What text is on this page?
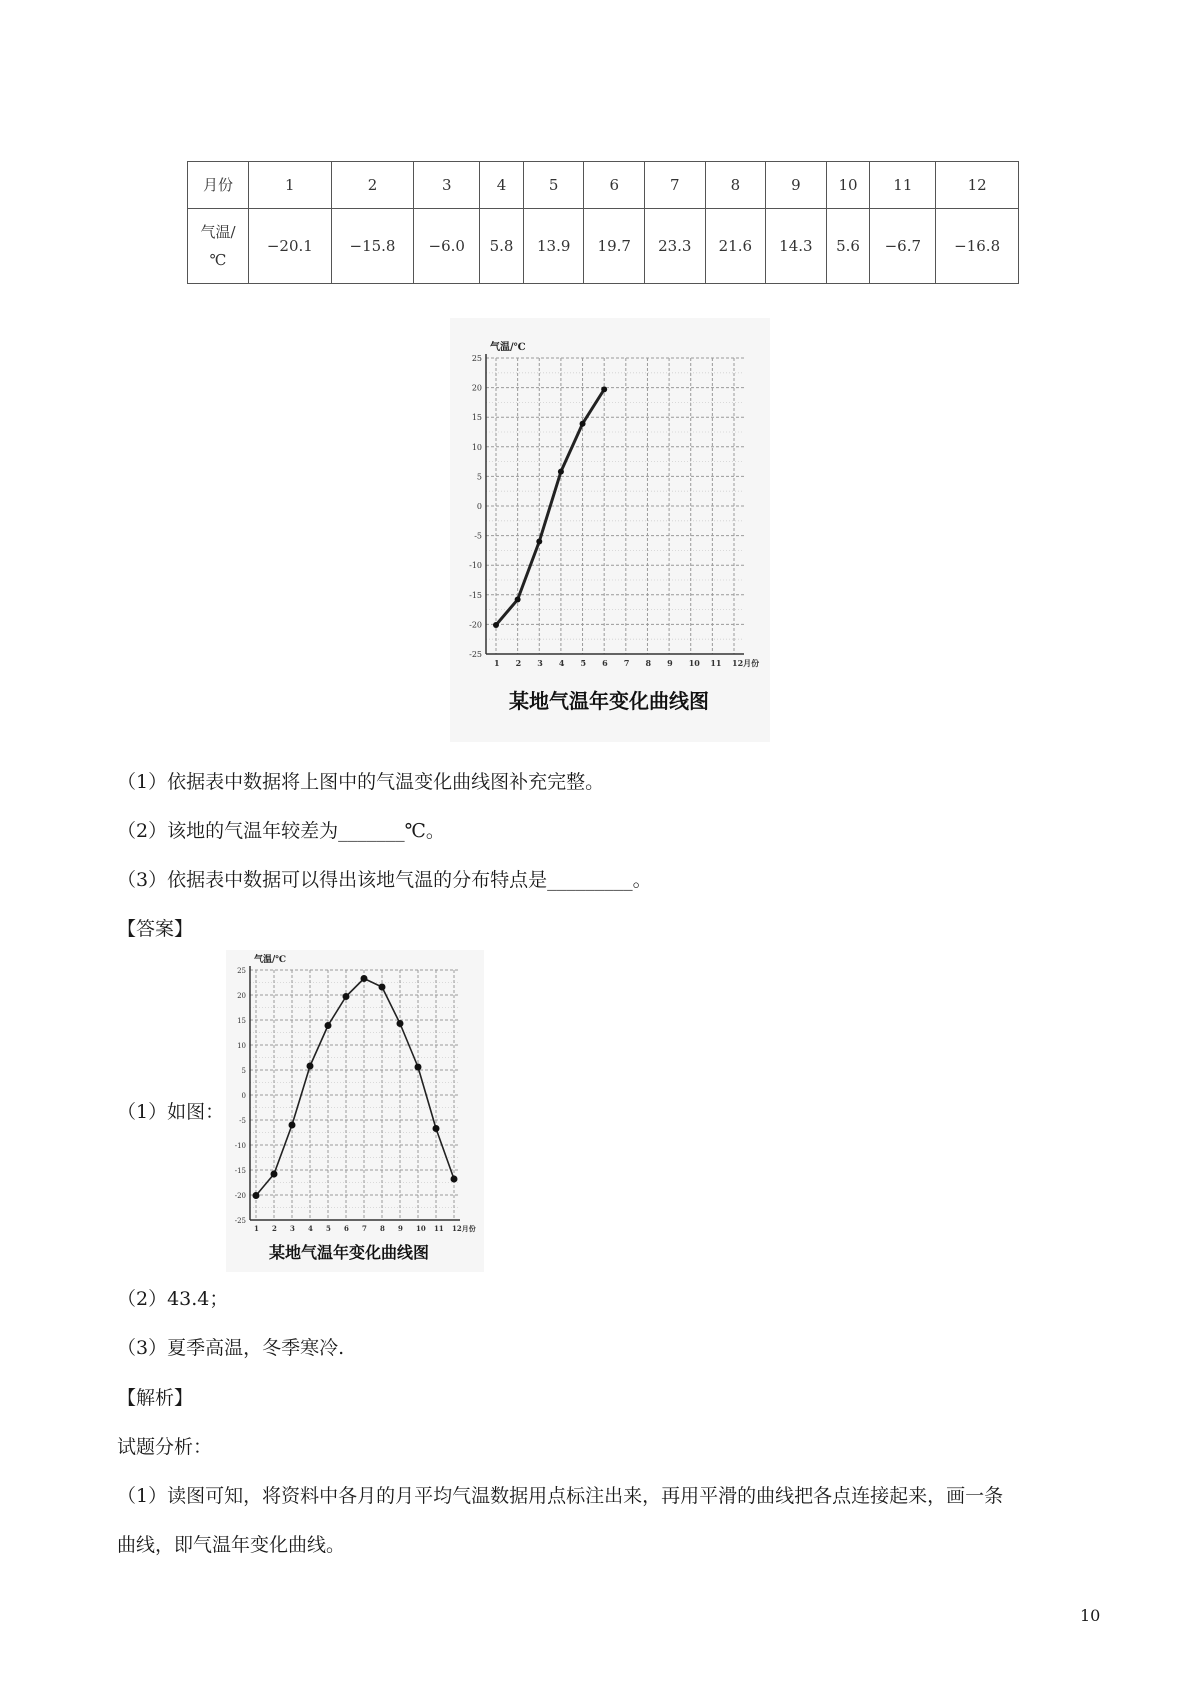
月份	1	2	3	4	5	6	7	8	9	10	11	12

气温/
℃	−20.1	−15.8	−6.0	5.8	13.9	19.7	23.3	21.6	14.3	5.6	−6.7	−16.8
25
20
15
10
5
0
-5
-10
-15
-20
-25
1 2 3 4 5 6 7 8 9 10 11 12月份
气温/℃
某地气温年变化曲线图
（1）依据表中数据将上图中的气温变化曲线图补充完整。
（2）该地的气温年较差为_______℃。
（3）依据表中数据可以得出该地气温的分布特点是_________。
【答案】
（1）如图：
25
20
15
10
5
0
-5
-10
-15
-20
-25
1 2 3 4 5 6 7 8 9 10 11 12月份
气温/℃
某地气温年变化曲线图
（2）43.4；
（3）夏季高温，冬季寒冷.
【解析】
试题分析：
（1）读图可知，将资料中各月的月平均气温数据用点标注出来，再用平滑的曲线把各点连接起来，画一条
曲线，即气温年变化曲线。
10
